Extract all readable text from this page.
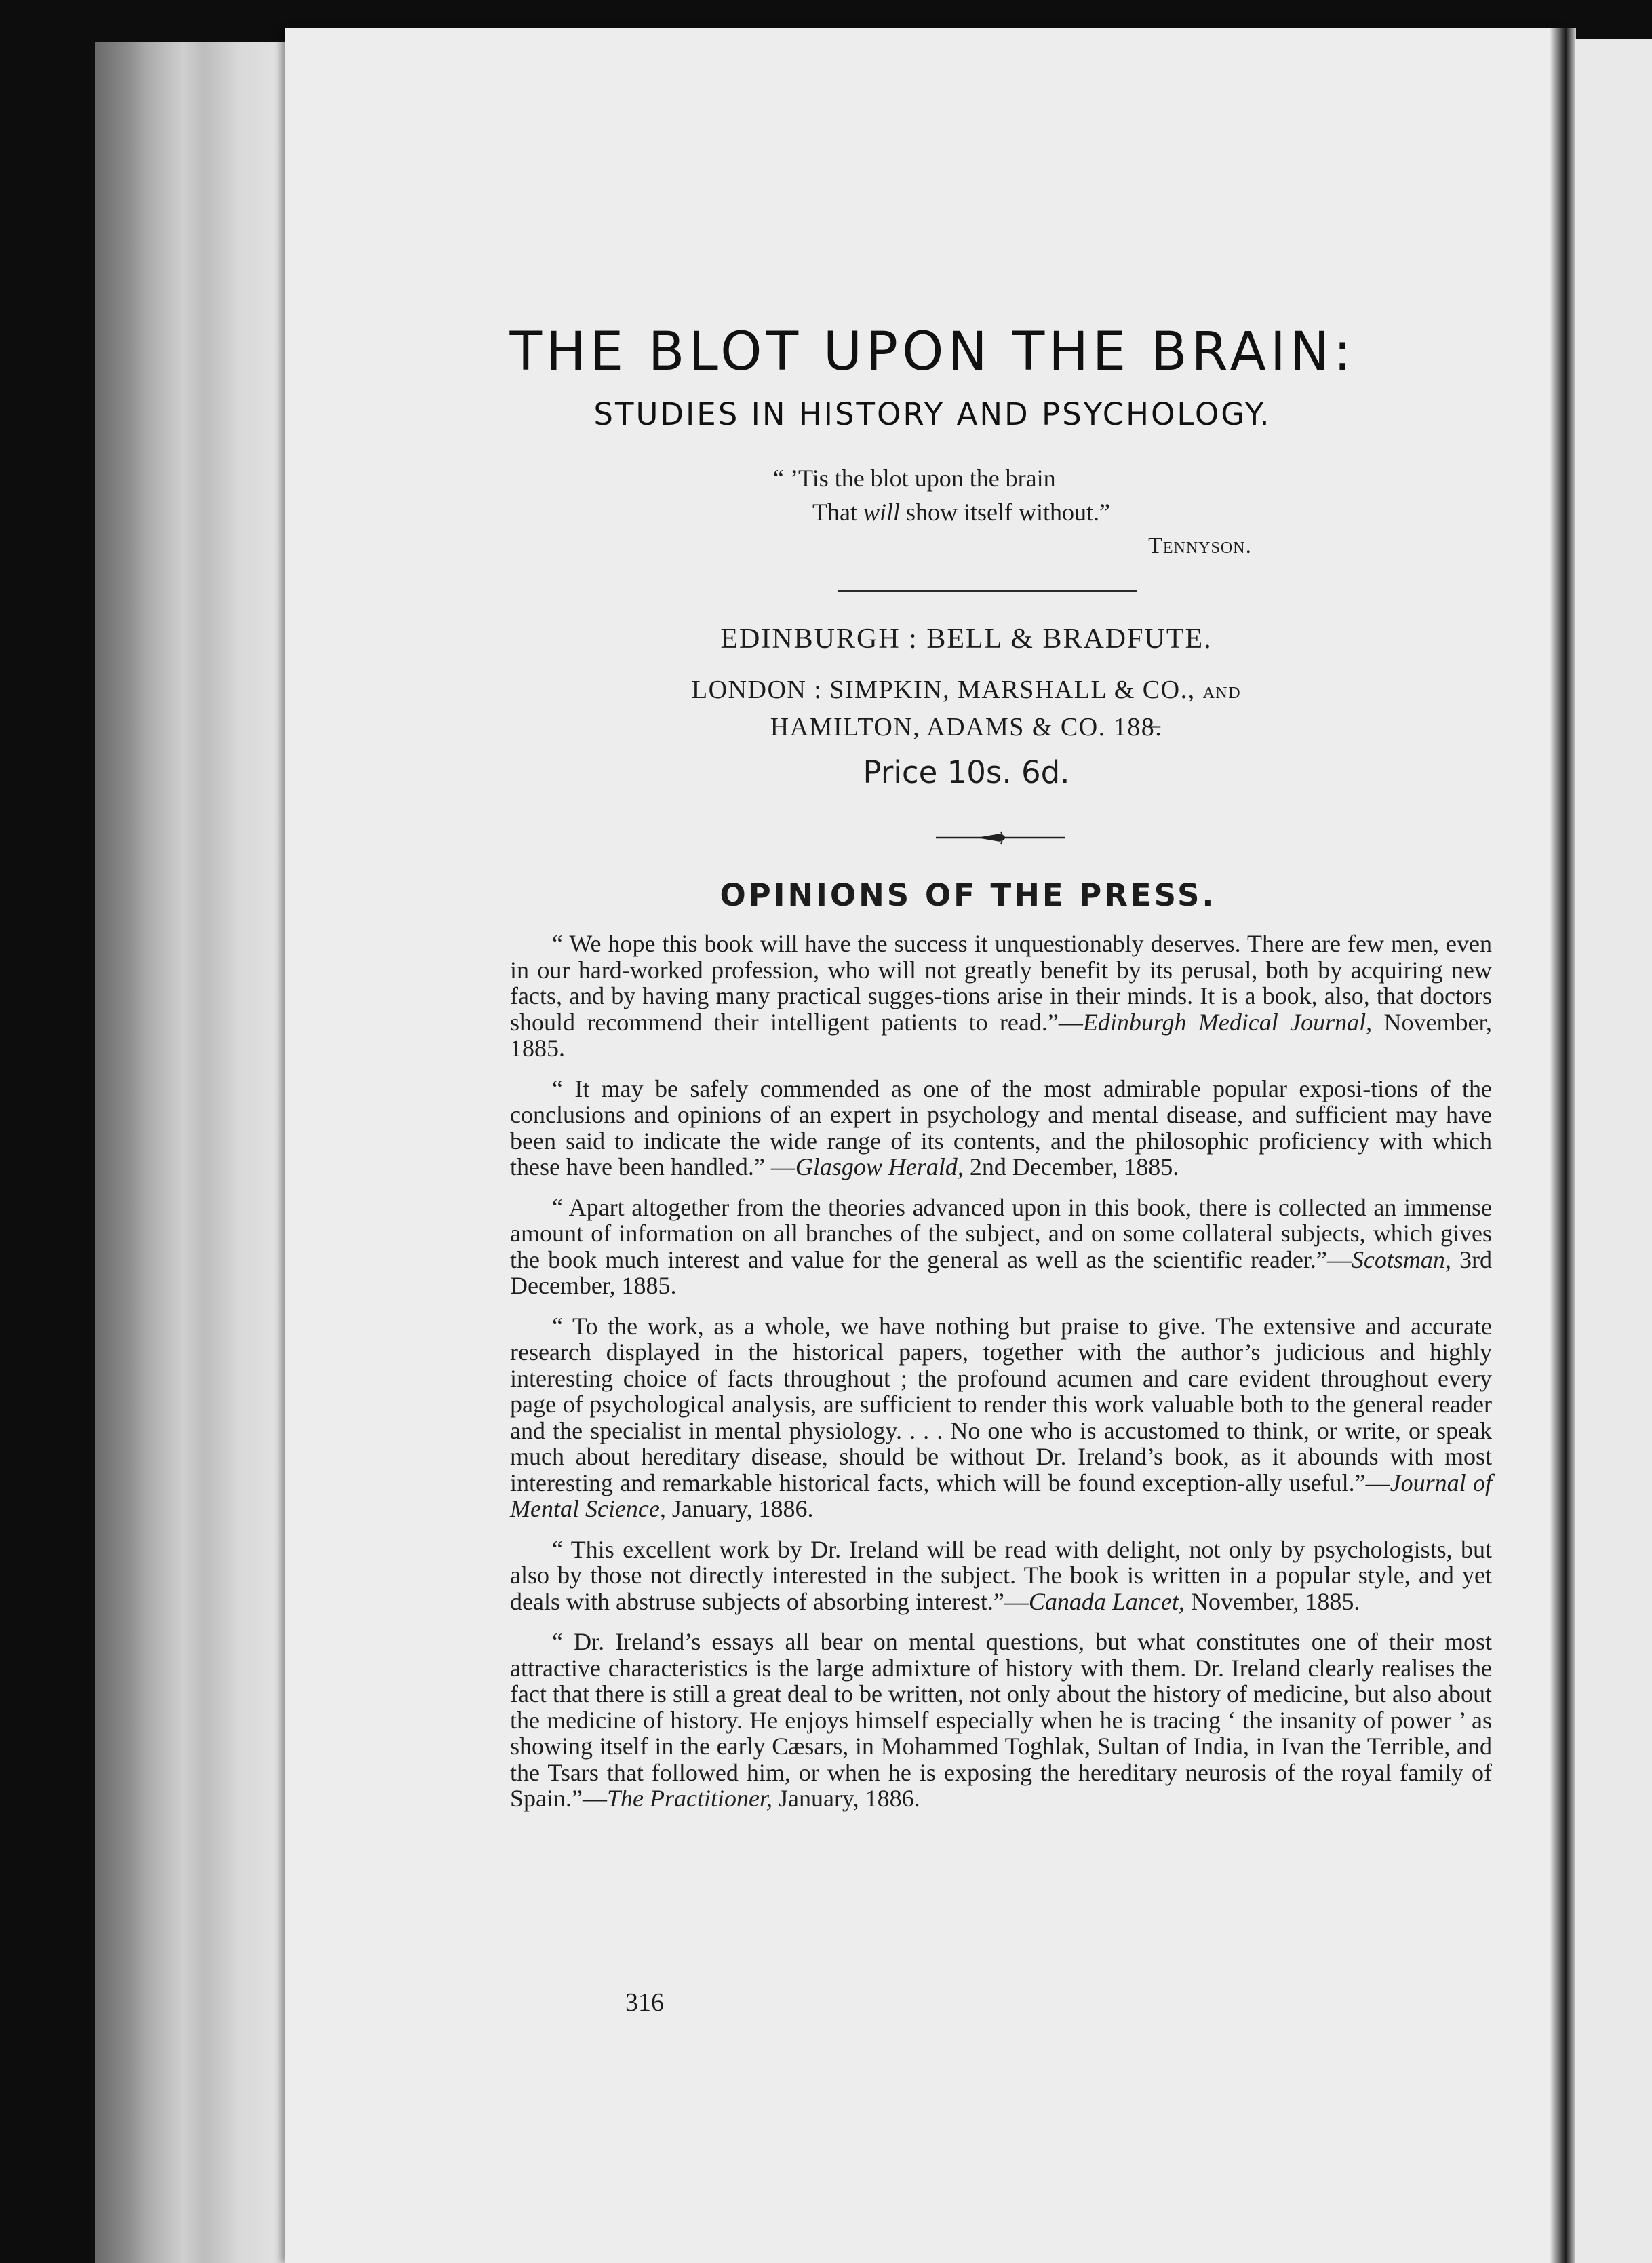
THE BLOT UPON THE BRAIN:
STUDIES IN HISTORY AND PSYCHOLOGY.
“ ’Tis the blot upon the brain
That will show itself without.”
Tennyson.
EDINBURGH : BELL & BRADFUTE.
LONDON : SIMPKIN, MARSHALL & CO., and
HAMILTON, ADAMS & CO. 188̶.
Price 10s. 6d.
OPINIONS OF THE PRESS.

“ We hope this book will have the success it unquestionably deserves. There are few men, even in our hard-worked profession, who will not greatly benefit by its perusal, both by acquiring new facts, and by having many practical sugges-tions arise in their minds. It is a book, also, that doctors should recommend their intelligent patients to read.”—Edinburgh Medical Journal, November, 1885.

“ It may be safely commended as one of the most admirable popular exposi-tions of the conclusions and opinions of an expert in psychology and mental disease, and sufficient may have been said to indicate the wide range of its contents, and the philosophic proficiency with which these have been handled.” —Glasgow Herald, 2nd December, 1885.

“ Apart altogether from the theories advanced upon in this book, there is collected an immense amount of information on all branches of the subject, and on some collateral subjects, which gives the book much interest and value for the general as well as the scientific reader.”—Scotsman, 3rd December, 1885.

“ To the work, as a whole, we have nothing but praise to give. The extensive and accurate research displayed in the historical papers, together with the author’s judicious and highly interesting choice of facts throughout ; the profound acumen and care evident throughout every page of psychological analysis, are sufficient to render this work valuable both to the general reader and the specialist in mental physiology. . . . No one who is accustomed to think, or write, or speak much about hereditary disease, should be without Dr. Ireland’s book, as it abounds with most interesting and remarkable historical facts, which will be found exception-ally useful.”—Journal of Mental Science, January, 1886.

“ This excellent work by Dr. Ireland will be read with delight, not only by psychologists, but also by those not directly interested in the subject. The book is written in a popular style, and yet deals with abstruse subjects of absorbing interest.”—Canada Lancet, November, 1885.

“ Dr. Ireland’s essays all bear on mental questions, but what constitutes one of their most attractive characteristics is the large admixture of history with them. Dr. Ireland clearly realises the fact that there is still a great deal to be written, not only about the history of medicine, but also about the medicine of history. He enjoys himself especially when he is tracing ‘ the insanity of power ’ as showing itself in the early Cæsars, in Mohammed Toghlak, Sultan of India, in Ivan the Terrible, and the Tsars that followed him, or when he is exposing the hereditary neurosis of the royal family of Spain.”—The Practitioner, January, 1886.

316
